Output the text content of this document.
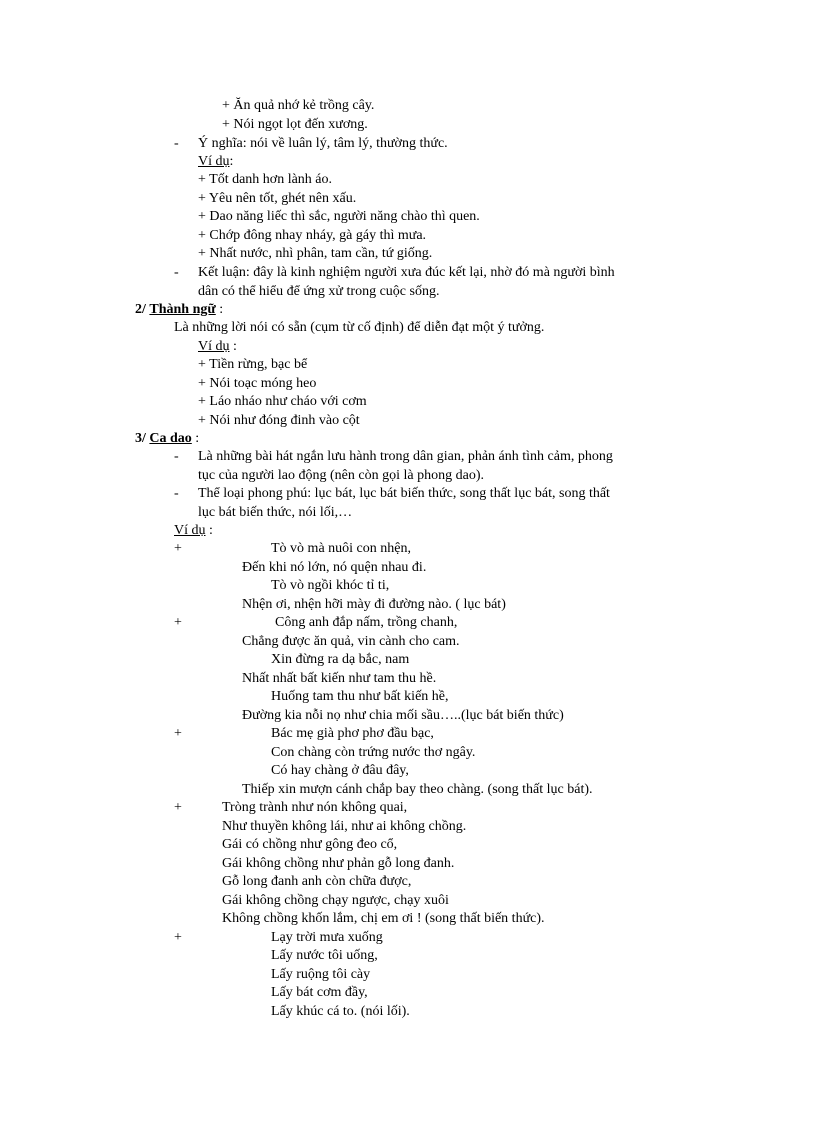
+ Ăn quả nhớ kẻ trồng cây.
+ Nói ngọt lọt đến xương.
- Ý nghĩa: nói về luân lý, tâm lý, thường thức.
Ví dụ:
+ Tốt danh hơn lành áo.
+ Yêu nên tốt, ghét nên xấu.
+ Dao năng liếc thì sắc, người năng chào thì quen.
+ Chớp đông nhay nháy, gà gáy thì mưa.
+ Nhất nước, nhì phân, tam cần, tứ giống.
- Kết luận: đây là kinh nghiệm người xưa đúc kết lại, nhờ đó mà người bình
dân có thể hiểu để ứng xử trong cuộc sống.
2/ Thành ngữ :
Là những lời nói có sẵn (cụm từ cố định) để diễn đạt một ý tưởng.
Ví dụ :
+ Tiền rừng, bạc bể
+ Nói toạc móng heo
+ Láo nháo như cháo với cơm
+ Nói như đóng đinh vào cột
3/ Ca dao :
- Là những bài hát ngắn lưu hành trong dân gian, phản ánh tình cảm, phong
tục của người lao động (nên còn gọi là phong dao).
- Thể loại phong phú: lục bát, lục bát biến thức, song thất lục bát, song thất
lục bát biến thức, nói lối,…
Ví dụ :
+	Tò vò mà nuôi con nhện,
Đến khi nó lớn, nó quện nhau đi.
Tò vò ngồi khóc tỉ ti,
Nhện ơi, nhện hỡi mày đi đường nào. ( lục bát)
+	Công anh đắp nấm, trồng chanh,
Chẳng được ăn quả, vin cành cho cam.
Xin đừng ra dạ bắc, nam
Nhất nhất bất kiến như tam thu hề.
Huống tam thu như bất kiến hề,
Đường kia nỗi nọ như chia mối sầu…..(lục bát biến thức)
+	Bác mẹ già phơ phơ đầu bạc,
Con chàng còn trứng nước thơ ngây.
Có hay chàng ở đâu đây,
Thiếp xin mượn cánh chắp bay theo chàng. (song thất lục bát).
+	Tròng trành như nón không quai,
Như thuyền không lái, như ai không chồng.
Gái có chồng như gông đeo cổ,
Gái không chồng như phản gỗ long đanh.
Gỗ long đanh anh còn chữa được,
Gái không chồng chạy ngược, chạy xuôi
Không chồng khốn lắm, chị em ơi ! (song thất biến thức).
+	Lạy trời mưa xuống
Lấy nước tôi uống,
Lấy ruộng tôi cày
Lấy bát cơm đầy,
Lấy khúc cá to. (nói lối).
